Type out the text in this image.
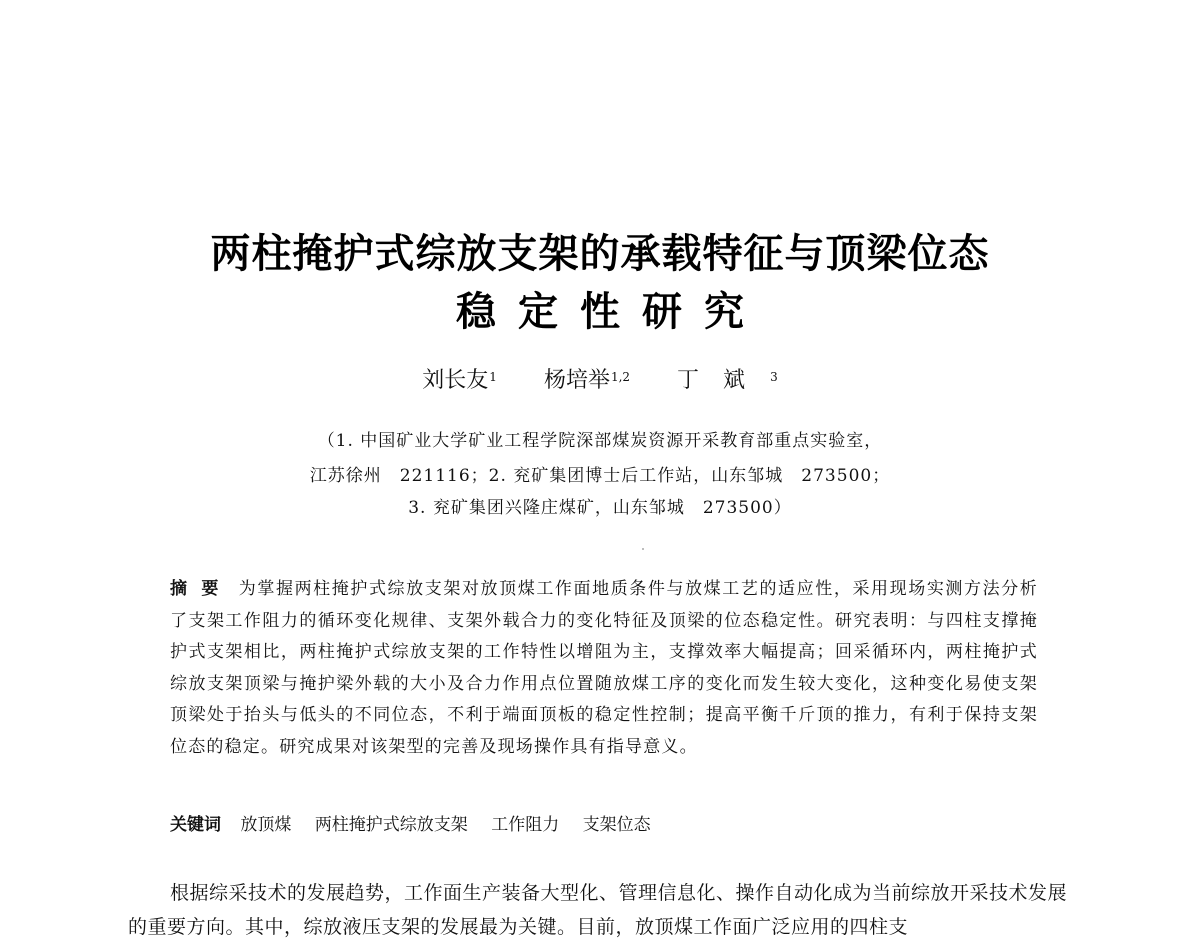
两柱掩护式综放支架的承载特征与顶梁位态
稳定性研究
刘长友$^1$ 杨培举$^{1,2}$ 丁斌$^3$
（1. 中国矿业大学矿业工程学院深部煤炭资源开采教育部重点实验室，
江苏徐州　221116；2. 兖矿集团博士后工作站，山东邹城　273500；
3. 兖矿集团兴隆庄煤矿，山东邹城　273500）
摘要 为掌握两柱掩护式综放支架对放顶煤工作面地质条件与放煤工艺的适应性，采用现场实测方法分析了支架工作阻力的循环变化规律、支架外载合力的变化特征及顶梁的位态稳定性。研究表明：与四柱支撑掩护式支架相比，两柱掩护式综放支架的工作特性以增阻为主，支撑效率大幅提高；回采循环内，两柱掩护式综放支架顶梁与掩护梁外载的大小及合力作用点位置随放煤工序的变化而发生较大变化，这种变化易使支架顶梁处于抬头与低头的不同位态，不利于端面顶板的稳定性控制；提高平衡千斤顶的推力，有利于保持支架位态的稳定。研究成果对该架型的完善及现场操作具有指导意义。
关键词 放顶煤 两柱掩护式综放支架 工作阻力 支架位态
根据综采技术的发展趋势，工作面生产装备大型化、管理信息化、操作自动化成为当前综放开采技术发展的重要方向。其中，综放液压支架的发展最为关键。目前，放顶煤工作面广泛应用的四柱支
